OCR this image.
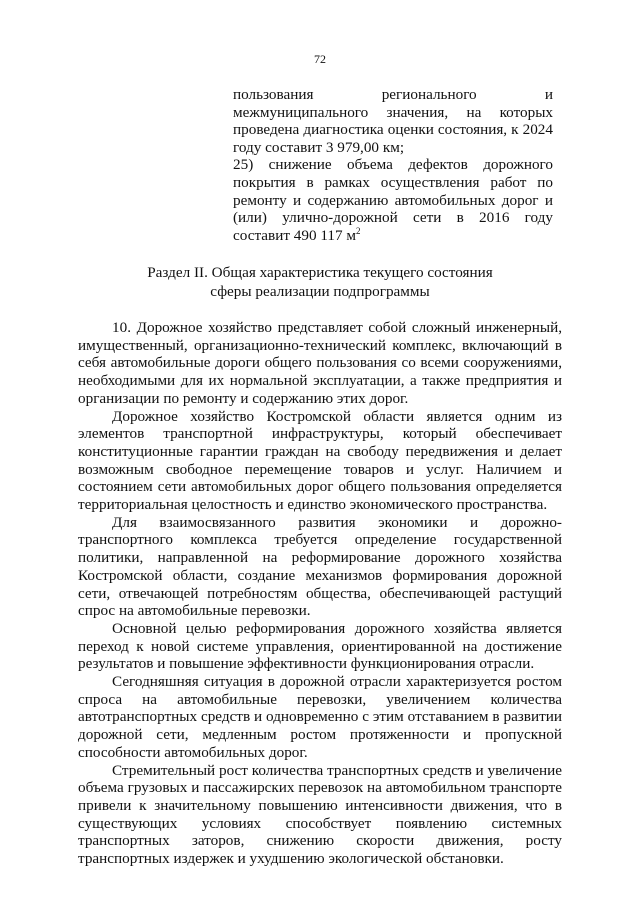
72

пользования регионального и межмуниципального значения, на которых проведена диагностика оценки состояния, к 2024 году составит 3 979,00 км;

25) снижение объема дефектов дорожного покрытия в рамках осуществления работ по ремонту и содержанию автомобильных дорог и (или) улично-дорожной сети в 2016 году составит 490 117 $м^2$

Раздел II. Общая характеристика текущего состояния
сферы реализации подпрограммы

10. Дорожное хозяйство представляет собой сложный инженерный, имущественный, организационно-технический комплекс, включающий в себя автомобильные дороги общего пользования со всеми сооружениями, необходимыми для их нормальной эксплуатации, а также предприятия и организации по ремонту и содержанию этих дорог.

Дорожное хозяйство Костромской области является одним из элементов транспортной инфраструктуры, который обеспечивает конституционные гарантии граждан на свободу передвижения и делает возможным свободное перемещение товаров и услуг. Наличием и состоянием сети автомобильных дорог общего пользования определяется территориальная целостность и единство экономического пространства.

Для взаимосвязанного развития экономики и дорожно-транспортного комплекса требуется определение государственной политики, направленной на реформирование дорожного хозяйства Костромской области, создание механизмов формирования дорожной сети, отвечающей потребностям общества, обеспечивающей растущий спрос на автомобильные перевозки.

Основной целью реформирования дорожного хозяйства является переход к новой системе управления, ориентированной на достижение результатов и повышение эффективности функционирования отрасли.

Сегодняшняя ситуация в дорожной отрасли характеризуется ростом спроса на автомобильные перевозки, увеличением количества автотранспортных средств и одновременно с этим отставанием в развитии дорожной сети, медленным ростом протяженности и пропускной способности автомобильных дорог.

Стремительный рост количества транспортных средств и увеличение объема грузовых и пассажирских перевозок на автомобильном транспорте привели к значительному повышению интенсивности движения, что в существующих условиях способствует появлению системных транспортных заторов, снижению скорости движения, росту транспортных издержек и ухудшению экологической обстановки.
